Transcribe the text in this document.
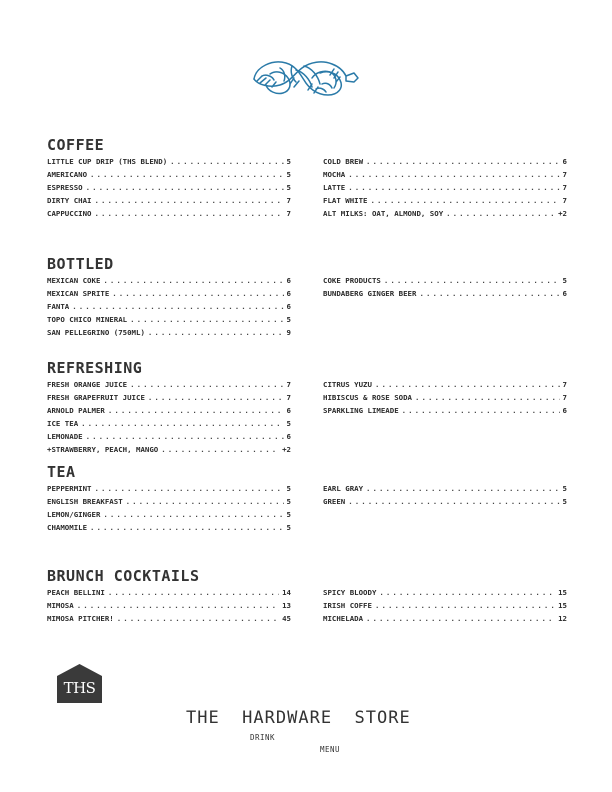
COFFEE
LITTLE CUP DRIP (THS BLEND) . . .	5
AMERICANO . . .	5
ESPRESSO . . .	5
DIRTY CHAI . . .	7
CAPPUCCINO . . .	7
COLD BREW . . .	6
MOCHA . . .	7
LATTE . . .	7
FLAT WHITE . . .	7
ALT MILKS: OAT, ALMOND, SOY . . .	+2
BOTTLED
MEXICAN COKE . . .	6
MEXICAN SPRITE . . .	6
FANTA . . .	6
TOPO CHICO MINERAL . . .	5
SAN PELLEGRINO (750ML) . . .	9
COKE PRODUCTS . . .	5
BUNDABERG GINGER BEER . . .	6
REFRESHING
FRESH ORANGE JUICE . . .	7
FRESH GRAPEFRUIT JUICE . . .	7
ARNOLD PALMER . . .	6
ICE TEA . . .	5
LEMONADE . . .	6
+STRAWBERRY, PEACH, MANGO . . .	+2
CITRUS YUZU . . .	7
HIBISCUS & ROSE SODA . . .	7
SPARKLING LIMEADE . . .	6
TEA
PEPPERMINT . . .	5
ENGLISH BREAKFAST . . .	5
LEMON/GINGER . . .	5
CHAMOMILE . . .	5
EARL GRAY . . .	5
GREEN . . .	5
BRUNCH COCKTAILS
PEACH BELLINI . . .	14
MIMOSA . . .	13
MIMOSA PITCHER! . . .	45
SPICY BLOODY . . .	15
IRISH COFFE . . .	15
MICHELADA . . .	12
THS
THE  HARDWARE  STORE
DRINK
MENU
